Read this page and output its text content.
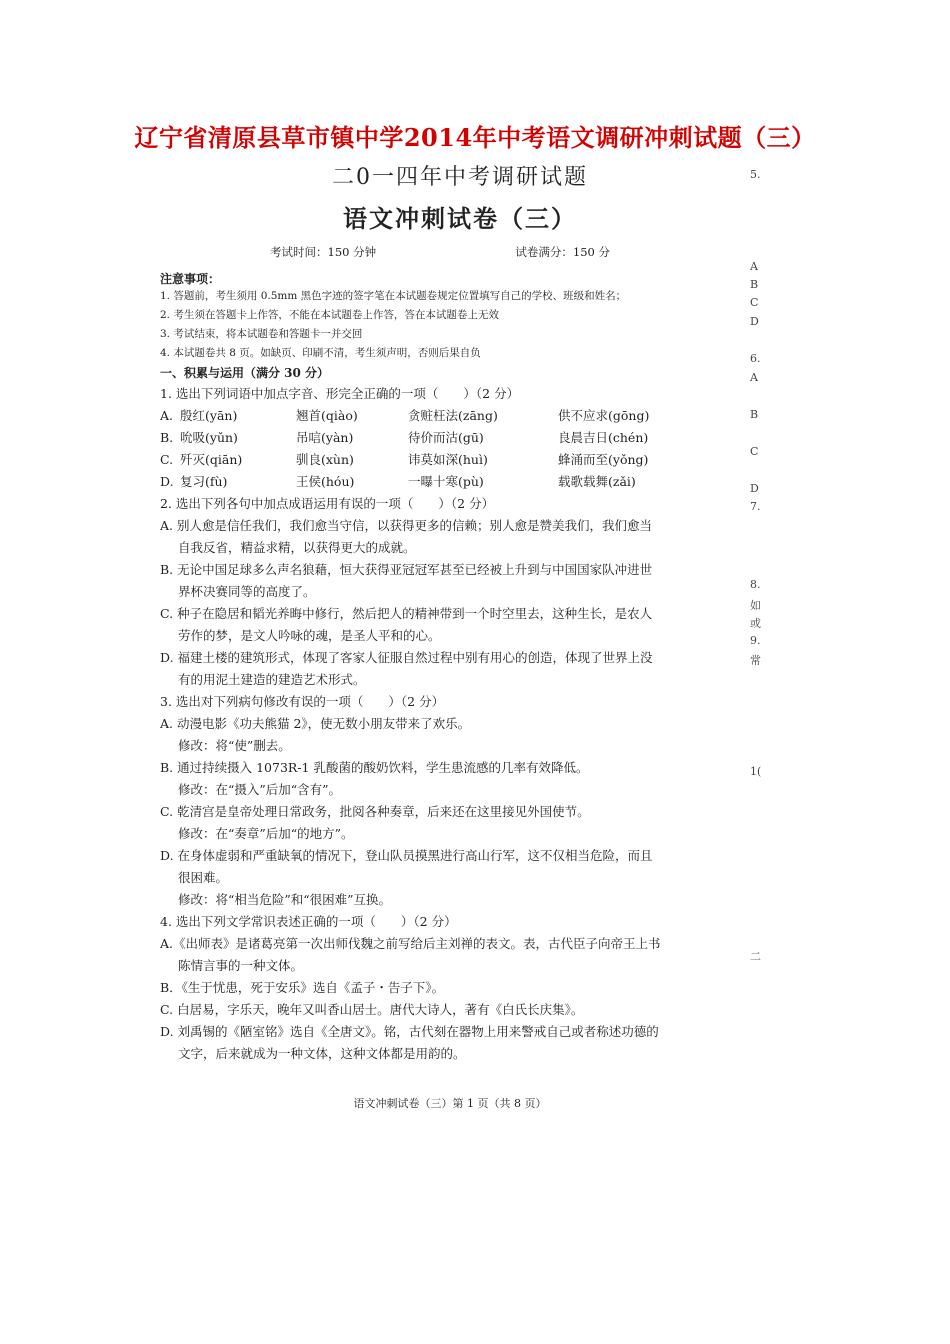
辽宁省清原县草市镇中学2014年中考语文调研冲刺试题（三）
二0一四年中考调研试题
语文冲刺试卷（三）
考试时间：150 分钟	试卷满分：150 分
注意事项：
1. 答题前，考生须用 0.5mm 黑色字迹的签字笔在本试题卷规定位置填写自己的学校、班级和姓名；
2. 考生须在答题卡上作答，不能在本试题卷上作答，答在本试题卷上无效
3. 考试结束，将本试题卷和答题卡一并交回
4. 本试题卷共 8 页。如缺页、印刷不清，考生须声明，否则后果自负
一、积累与运用（满分 30 分）
1. 选出下列词语中加点字音、形完全正确的一项（　　）（2 分）
A. 殷红(yān)	翘首(qiào)	贪赃枉法(zāng)	供不应求(gōng)
B. 吮吸(yǔn)	吊唁(yàn)	待价而沽(gū)	良晨吉日(chén)
C. 歼灭(qiān)	驯良(xùn)	讳莫如深(huì)	蜂涌而至(yǒng)
D. 复习(fù)	王侯(hóu)	一曝十寒(pù)	载歌载舞(zǎi)
2. 选出下列各句中加点成语运用有误的一项（　　）（2 分）
A. 别人愈是信任我们，我们愈当守信，以获得更多的信赖；别人愈是赞美我们，我们愈当
自我反省，精益求精，以获得更大的成就。
B. 无论中国足球多么声名狼藉，恒大获得亚冠冠军甚至已经被上升到与中国国家队冲进世
界杯决赛同等的高度了。
C. 种子在隐居和韬光养晦中修行，然后把人的精神带到一个时空里去，这种生长，是农人
劳作的梦，是文人吟咏的魂，是圣人平和的心。
D. 福建土楼的建筑形式，体现了客家人征服自然过程中别有用心的创造，体现了世界上没
有的用泥土建造的建造艺术形式。
3. 选出对下列病句修改有误的一项（　　）（2 分）
A. 动漫电影《功夫熊猫 2》，使无数小朋友带来了欢乐。
修改：将“使”删去。
B. 通过持续摄入 1073R-1 乳酸菌的酸奶饮料，学生患流感的几率有效降低。
修改：在“摄入”后加“含有”。
C. 乾清宫是皇帝处理日常政务，批阅各种奏章，后来还在这里接见外国使节。
修改：在“奏章”后加“的地方”。
D. 在身体虚弱和严重缺氧的情况下，登山队员摸黑进行高山行军，这不仅相当危险，而且
很困难。
修改：将“相当危险”和“很困难”互换。
4. 选出下列文学常识表述正确的一项（　　）（2 分）
A.《出师表》是诸葛亮第一次出师伐魏之前写给后主刘禅的表文。表，古代臣子向帝王上书
陈情言事的一种文体。
B．《生于忧患，死于安乐》选自《孟子・告子下》。
C. 白居易，字乐天，晚年又叫香山居士。唐代大诗人，著有《白氏长庆集》。
D. 刘禹锡的《陋室铭》选自《全唐文》。铭，古代刻在器物上用来警戒自己或者称述功德的
文字，后来就成为一种文体，这种文体都是用韵的。
语文冲刺试卷（三）第 1 页（共 8 页）
5.
A
B
C
D
6.
A
B
C
D
7.
8.
如
或
9.
常
1(
二
